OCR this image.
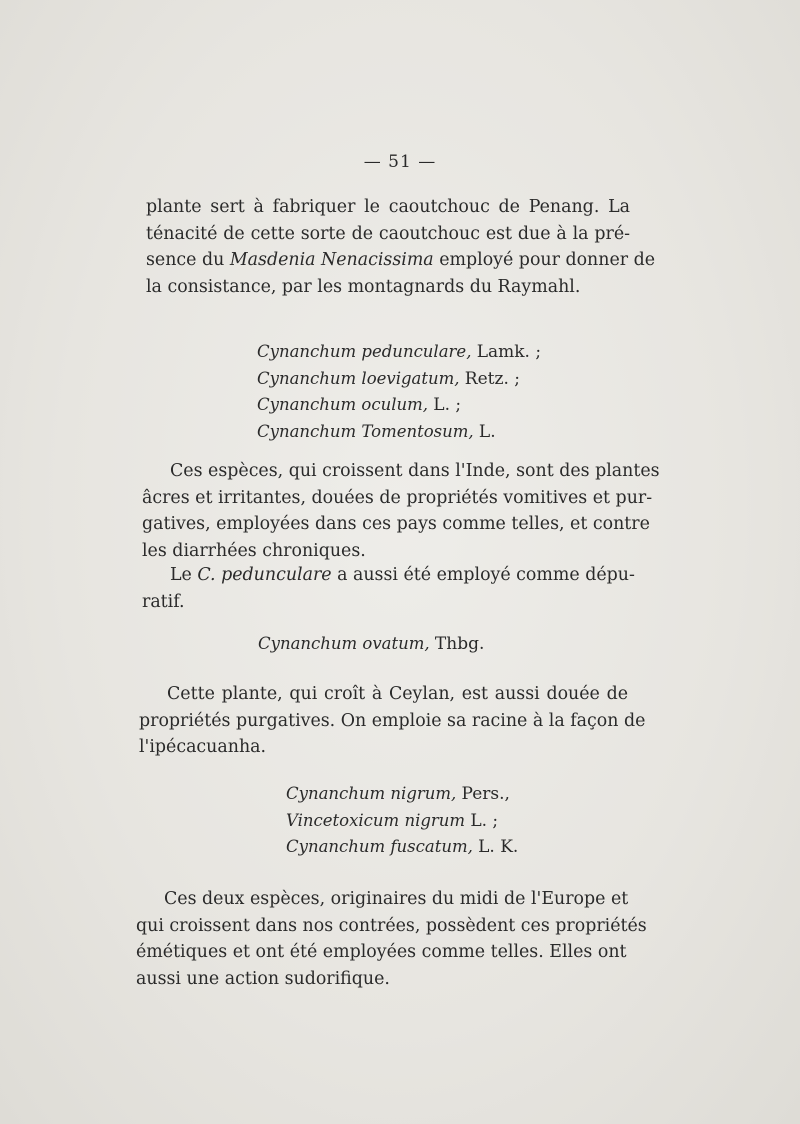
— 51 —
plante sert à fabriquer le caoutchouc de Penang. La
ténacité de cette sorte de caoutchouc est due à la pré-
sence du Masdenia Nenacissima employé pour donner de
la consistance, par les montagnards du Raymahl.
Cynanchum pedunculare, Lamk. ;
Cynanchum loevigatum, Retz. ;
Cynanchum oculum, L. ;
Cynanchum Tomentosum, L.
Ces espèces, qui croissent dans l'Inde, sont des plantes
âcres et irritantes, douées de propriétés vomitives et pur-
gatives, employées dans ces pays comme telles, et contre
les diarrhées chroniques.
Le C. pedunculare a aussi été employé comme dépu-
ratif.
Cynanchum ovatum, Thbg.
Cette plante, qui croît à Ceylan, est aussi douée de
propriétés purgatives. On emploie sa racine à la façon de
l'ipécacuanha.
Cynanchum nigrum, Pers.,
Vincetoxicum nigrum L. ;
Cynanchum fuscatum, L. K.
Ces deux espèces, originaires du midi de l'Europe et
qui croissent dans nos contrées, possèdent ces propriétés
émétiques et ont été employées comme telles. Elles ont
aussi une action sudorifique.
